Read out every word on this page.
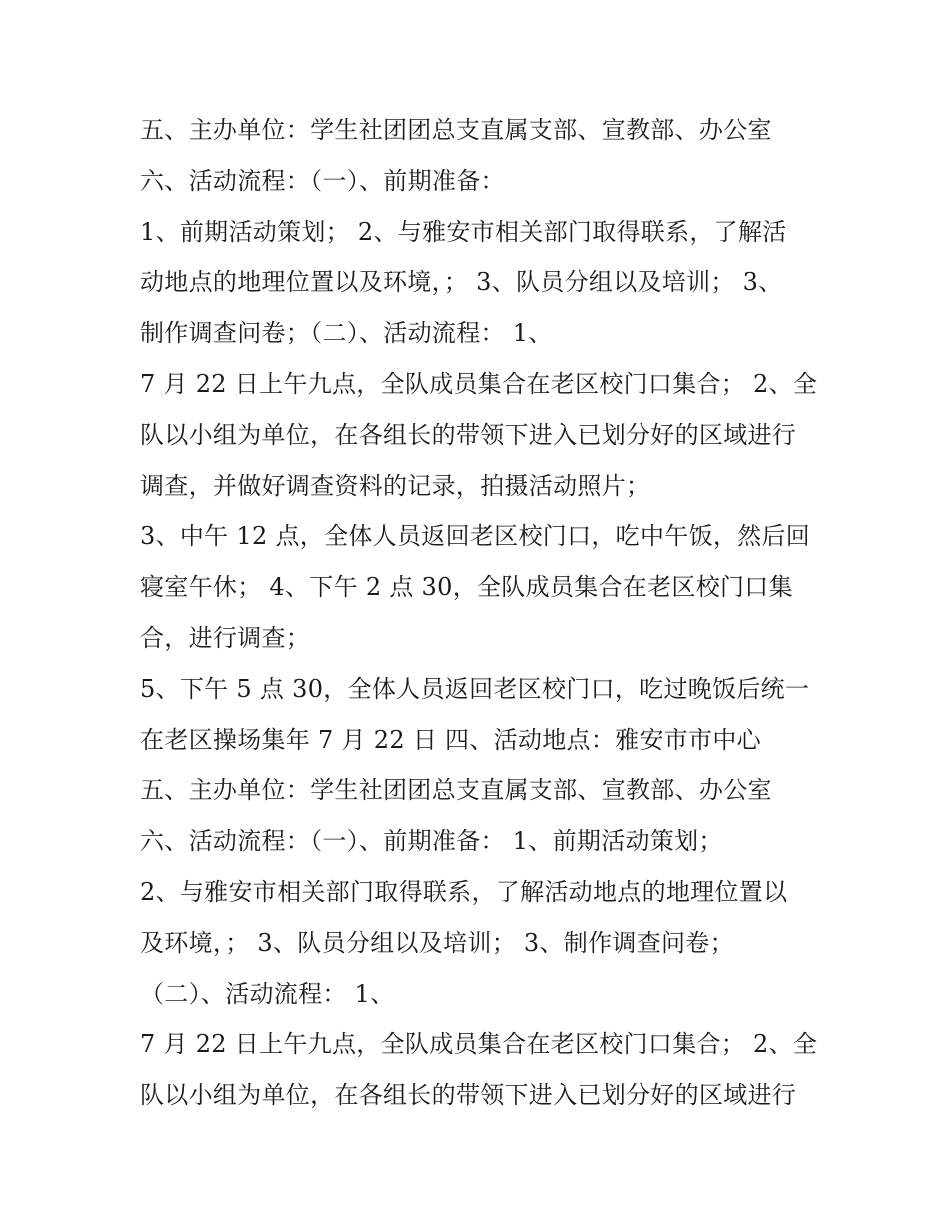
五、主办单位：学生社团团总支直属支部、宣教部、办公室
六、活动流程：（一）、前期准备：
1、前期活动策划； 2、与雅安市相关部门取得联系，了解活
动地点的地理位置以及环境，； 3、队员分组以及培训； 3、
制作调查问卷；（二）、活动流程： 1、
7 月 22 日上午九点，全队成员集合在老区校门口集合； 2、全
队以小组为单位，在各组长的带领下进入已划分好的区域进行
调查，并做好调查资料的记录，拍摄活动照片；
3、中午 12 点，全体人员返回老区校门口，吃中午饭，然后回
寝室午休； 4、下午 2 点 30，全队成员集合在老区校门口集
合，进行调查；
5、下午 5 点 30，全体人员返回老区校门口，吃过晚饭后统一
在老区操场集年 7 月 22 日 四、活动地点：雅安市市中心
五、主办单位：学生社团团总支直属支部、宣教部、办公室
六、活动流程：（一）、前期准备： 1、前期活动策划；
2、与雅安市相关部门取得联系，了解活动地点的地理位置以
及环境，； 3、队员分组以及培训； 3、制作调查问卷；
（二）、活动流程： 1、
7 月 22 日上午九点，全队成员集合在老区校门口集合； 2、全
队以小组为单位，在各组长的带领下进入已划分好的区域进行
